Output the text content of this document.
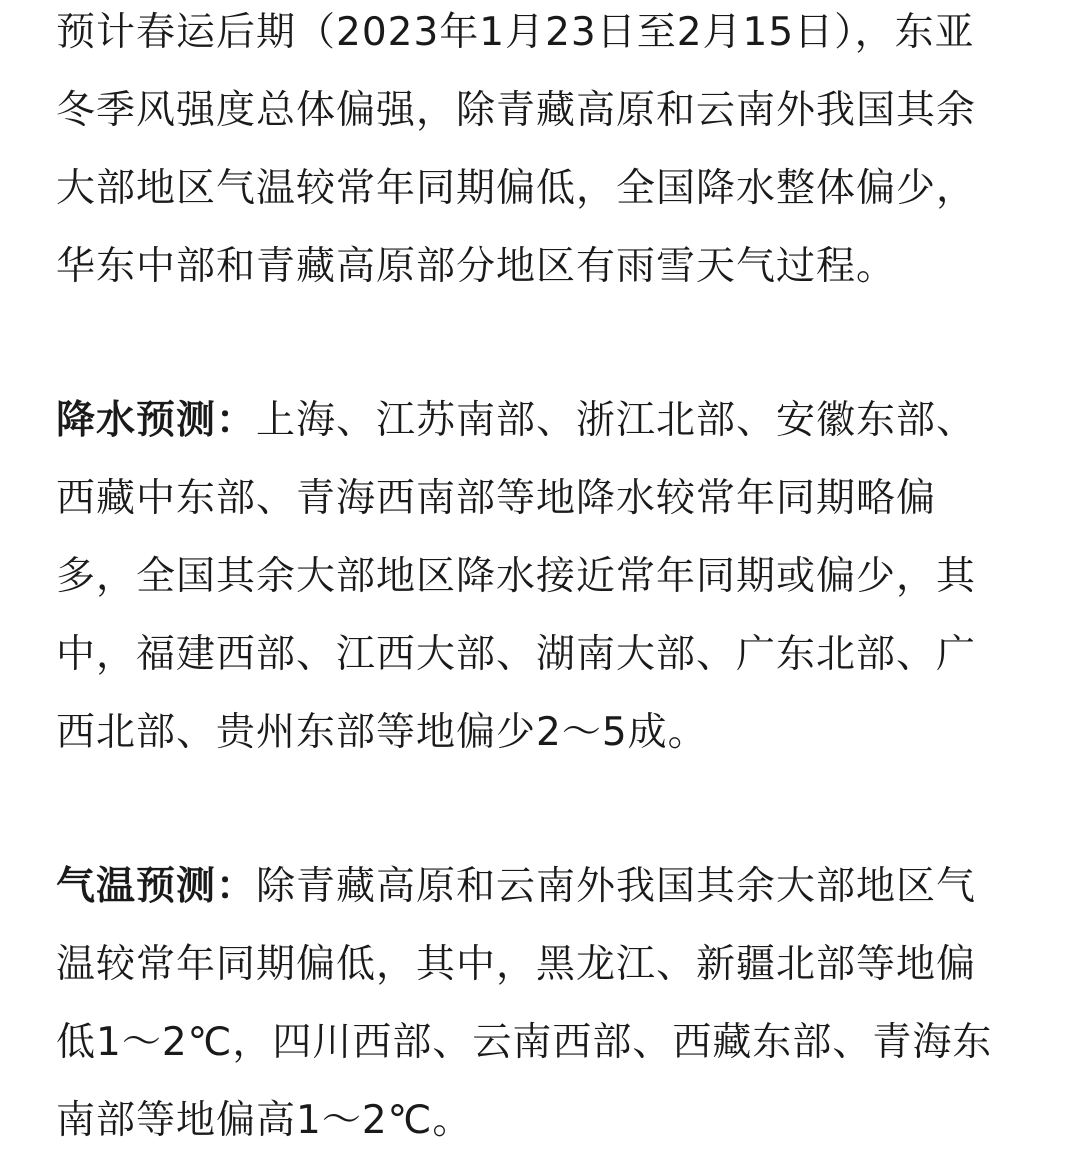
预计春运后期（2023年1月23日至2月15日），东亚
冬季风强度总体偏强，除青藏高原和云南外我国其余
大部地区气温较常年同期偏低，全国降水整体偏少，
华东中部和青藏高原部分地区有雨雪天气过程。
降水预测：上海、江苏南部、浙江北部、安徽东部、
西藏中东部、青海西南部等地降水较常年同期略偏
多，全国其余大部地区降水接近常年同期或偏少，其
中，福建西部、江西大部、湖南大部、广东北部、广
西北部、贵州东部等地偏少2～5成。
气温预测：除青藏高原和云南外我国其余大部地区气
温较常年同期偏低，其中，黑龙江、新疆北部等地偏
低1～2℃，四川西部、云南西部、西藏东部、青海东
南部等地偏高1～2℃。
